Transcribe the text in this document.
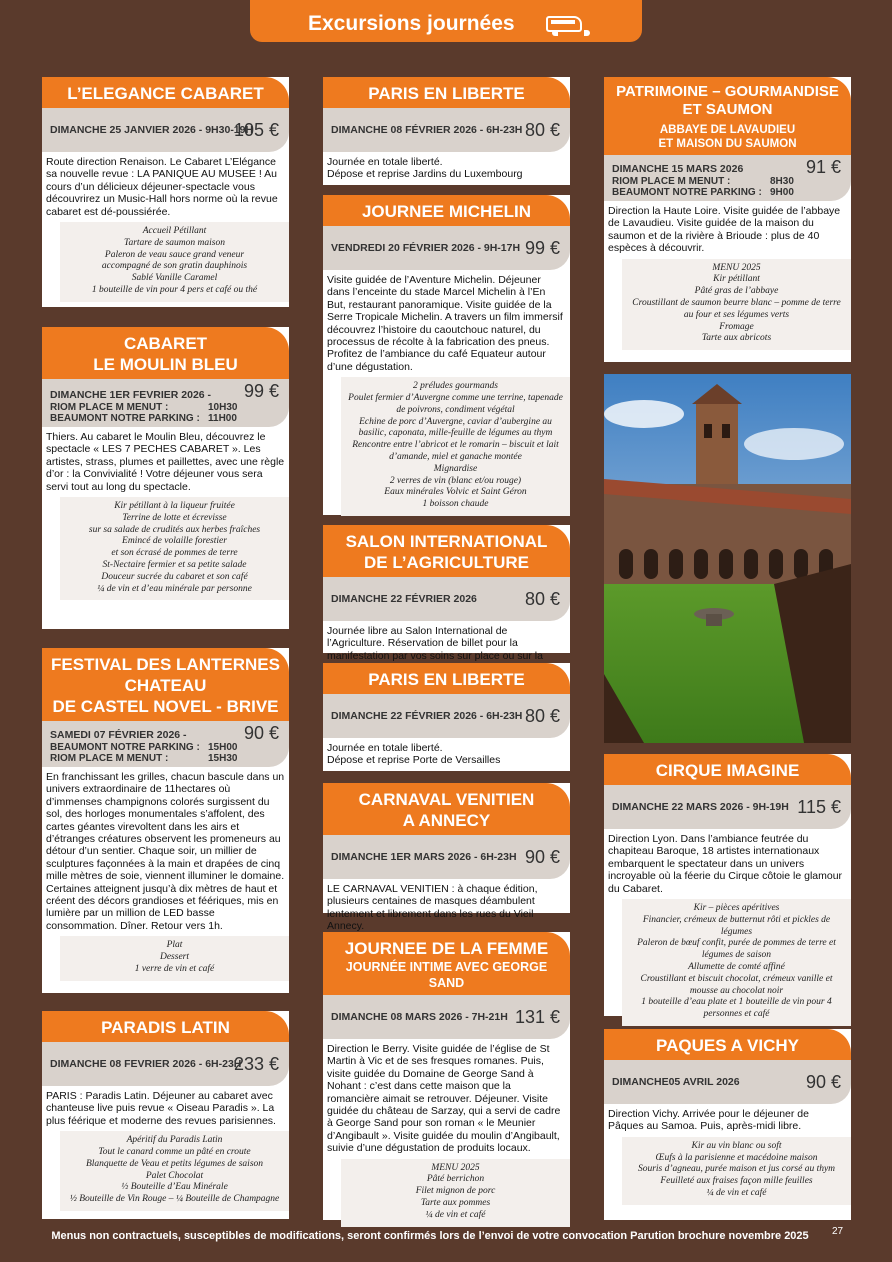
Excursions journées
L’ELEGANCE CABARET
DIMANCHE 25 JANVIER 2026 - 9H30-19H
105 €
Route direction Renaison. Le Cabaret L’Elégance sa nouvelle revue : LA PANIQUE AU MUSEE ! Au cours d’un délicieux déjeuner-spectacle vous découvrirez un Music-Hall hors norme où la revue cabaret est dé-poussiérée.
Accueil Pétillant
Tartare de saumon maison
Paleron de veau sauce grand veneur
accompagné de son gratin dauphinois
Sablé Vanille Caramel
1 bouteille de vin pour 4 pers et café ou thé
CABARET
LE MOULIN BLEU
DIMANCHE 1ER FEVRIER 2026 -	99 €
RIOM PLACE M MENUT :	10H30
BEAUMONT NOTRE PARKING : 11H00
Thiers. Au cabaret le Moulin Bleu, découvrez le spectacle « LES 7 PECHES CABARET ». Les artistes, strass, plumes et paillettes, avec une règle d’or : la Convivialité ! Votre déjeuner vous sera servi tout au long du spectacle.
Kir pétillant à la liqueur fruitée
Terrine de lotte et écrevisse
sur sa salade de crudités aux herbes fraîches
Emincé de volaille forestier
et son écrasé de pommes de terre
St-Nectaire fermier et sa petite salade
Douceur sucrée du cabaret et son café
¼ de vin et d’eau minérale par personne
FESTIVAL DES LANTERNES
CHATEAU
DE CASTEL NOVEL - BRIVE
SAMEDI 07 FÉVRIER 2026 -	90 €
BEAUMONT NOTRE PARKING : 15H00
RIOM PLACE M MENUT :	15H30
En franchissant les grilles, chacun bascule dans un univers extraordinaire de 11hectares où d’immenses champignons colorés surgissent du sol, des horloges monumentales s’affolent, des cartes géantes virevoltent dans les airs et d’étranges créatures observent les promeneurs au détour d’un sentier. Chaque soir, un millier de sculptures façonnées à la main et drapées de cinq mille mètres de soie, viennent illuminer le domaine. Certaines atteignent jusqu’à dix mètres de haut et créent des décors grandioses et féériques, mis en lumière par un million de LED basse consommation. Dîner. Retour vers 1h.
Plat
Dessert
1 verre de vin et café
PARADIS LATIN
DIMANCHE 08 FEVRIER 2026 - 6H-23H
233 €
PARIS : Paradis Latin. Déjeuner au cabaret avec chanteuse live puis revue « Oiseau Paradis ». La plus féérique et moderne des revues parisiennes.
Apéritif du Paradis Latin
Tout le canard comme un pâté en croute
Blanquette de Veau et petits légumes de saison
Palet Chocolat
½ Bouteille d’Eau Minérale
½ Bouteille de Vin Rouge – ¼ Bouteille de Champagne
PARIS EN LIBERTE
DIMANCHE 08 FÉVRIER 2026 - 6H-23H 80 €
Journée en totale liberté.
Dépose et reprise Jardins du Luxembourg
JOURNEE MICHELIN
VENDREDI 20 FÉVRIER 2026 - 9H-17H 99 €
Visite guidée de l’Aventure Michelin. Déjeuner dans l’enceinte du stade Marcel Michelin à l’En But, restaurant panoramique. Visite guidée de la Serre Tropicale Michelin. A travers un film immersif découvrez l’histoire du caoutchouc naturel, du processus de récolte à la fabrication des pneus. Profitez de l’ambiance du café Equateur autour d’une dégustation.
2 préludes gourmands
Poulet fermier d’Auvergne comme une terrine, tapenade de poivrons, condiment végétal
Echine de porc d’Auvergne, caviar d’aubergine au basilic, caponata, mille-feuille de légumes au thym
Rencontre entre l’abricot et le romarin – biscuit et lait d’amande, miel et ganache montée
Mignardise
2 verres de vin (blanc et/ou rouge)
Eaux minérales Volvic et Saint Géron
1 boisson chaude
SALON INTERNATIONAL
DE L’AGRICULTURE
DIMANCHE 22 FÉVRIER 2026	80 €
Journée libre au Salon International de l’Agriculture. Réservation de billet pour la manifestation par vos soins sur place ou sur la
PARIS EN LIBERTE
DIMANCHE 22 FÉVRIER 2026 - 6H-23H 80 €
Journée en totale liberté.
Dépose et reprise Porte de Versailles
CARNAVAL VENITIEN
A ANNECY
DIMANCHE 1ER MARS 2026 - 6H-23H 90 €
LE CARNAVAL VENITIEN : à chaque édition, plusieurs centaines de masques déambulent lentement et librement dans les rues du Vieil Annecy.
JOURNEE DE LA FEMME
JOURNÉE INTIME AVEC GEORGE SAND
DIMANCHE 08 MARS 2026 - 7H-21H 131 €
Direction le Berry. Visite guidée de l’église de St Martin à Vic et de ses fresques romanes. Puis, visite guidée du Domaine de George Sand à Nohant : c’est dans cette maison que la romancière aimait se retrouver. Déjeuner. Visite guidée du château de Sarzay, qui a servi de cadre à George Sand pour son roman « le Meunier d’Angibault ». Visite guidée du moulin d’Angibault, suivie d’une dégustation de produits locaux.
MENU 2025
Pâté berrichon
Filet mignon de porc
Tarte aux pommes
¼ de vin et café
PATRIMOINE – GOURMANDISE
ET SAUMON
ABBAYE DE LAVAUDIEU
ET MAISON DU SAUMON
DIMANCHE 15 MARS 2026	91 €
RIOM PLACE M MENUT :	8H30
BEAUMONT NOTRE PARKING : 9H00
Direction la Haute Loire. Visite guidée de l’abbaye de Lavaudieu. Visite guidée de la maison du saumon et de la rivière à Brioude : plus de 40 espèces à découvrir.
MENU 2025
Kir pétillant
Pâté gras de l’abbaye
Croustillant de saumon beurre blanc – pomme de terre au four et ses légumes verts
Fromage
Tarte aux abricots
CIRQUE IMAGINE
DIMANCHE 22 MARS 2026 - 9H-19H 115 €
Direction Lyon. Dans l’ambiance feutrée du chapiteau Baroque, 18 artistes internationaux embarquent le spectateur dans un univers incroyable où la féerie du Cirque côtoie le glamour du Cabaret.
Kir – pièces apéritives
Financier, crémeux de butternut rôti et pickles de légumes
Paleron de bœuf confit, purée de pommes de terre et légumes de saison
Allumette de comté affiné
Croustillant et biscuit chocolat, crémeux vanille et mousse au chocolat noir
1 bouteille d’eau plate et 1 bouteille de vin pour 4 personnes et café
PAQUES A VICHY
DIMANCHE05 AVRIL 2026	90 €
Direction Vichy. Arrivée pour le déjeuner de Pâques au Samoa. Puis, après-midi libre.
Kir au vin blanc ou soft
Œufs à la parisienne et macédoine maison
Souris d’agneau, purée maison et jus corsé au thym
Feuilleté aux fraises façon mille feuilles
¼ de vin et café
Menus non contractuels, susceptibles de modifications, seront confirmés lors de l’envoi de votre convocation Parution brochure novembre 2025	27
